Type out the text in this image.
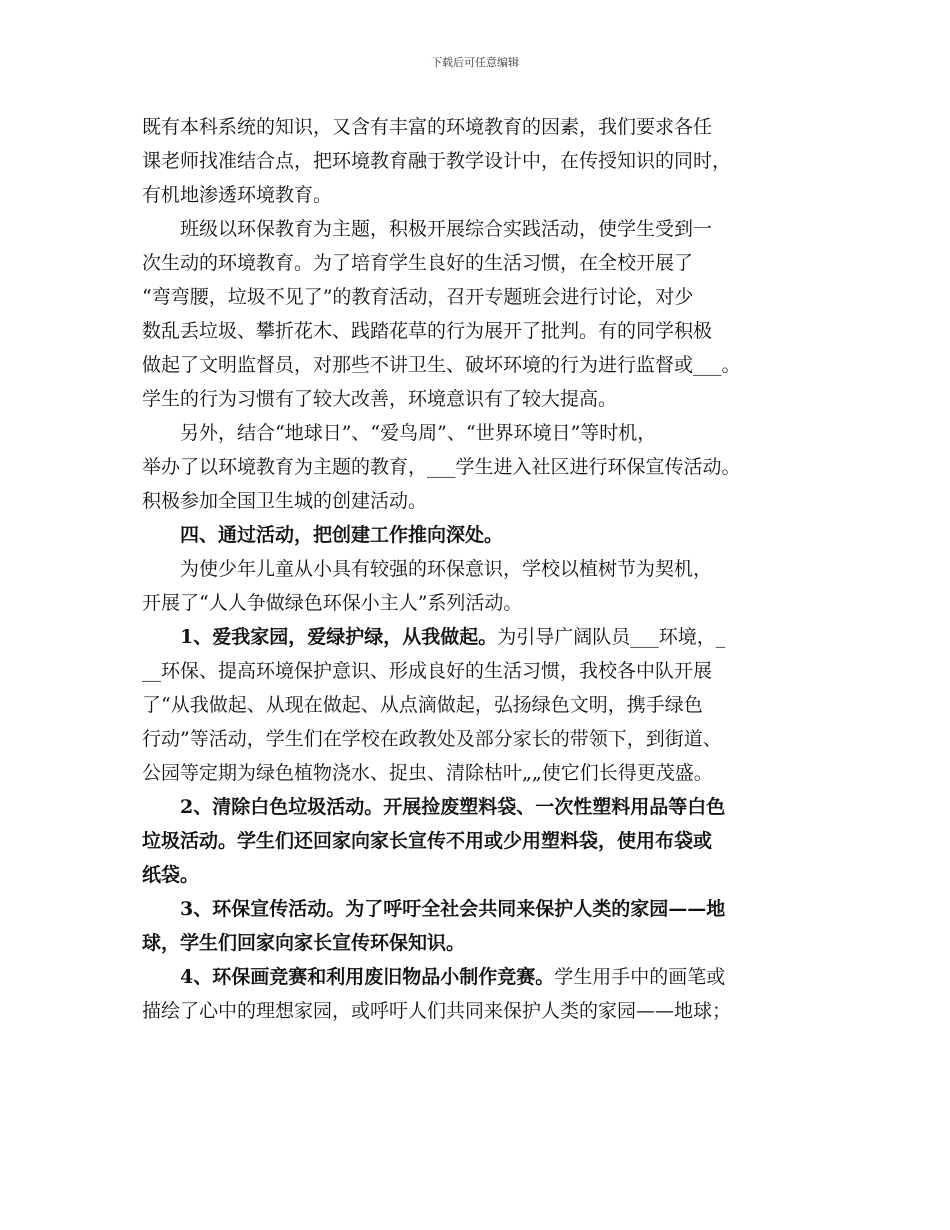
下载后可任意编辑
既有本科系统的知识，又含有丰富的环境教育的因素，我们要求各任
课老师找准结合点，把环境教育融于教学设计中，在传授知识的同时，
有机地渗透环境教育。
　　班级以环保教育为主题，积极开展综合实践活动，使学生受到一
次生动的环境教育。为了培育学生良好的生活习惯，在全校开展了
“弯弯腰，垃圾不见了”的教育活动，召开专题班会进行讨论，对少
数乱丢垃圾、攀折花木、践踏花草的行为展开了批判。有的同学积极
做起了文明监督员，对那些不讲卫生、破坏环境的行为进行监督或___。
学生的行为习惯有了较大改善，环境意识有了较大提高。
　　另外，结合“地球日”、“爱鸟周”、“世界环境日”等时机，
举办了以环境教育为主题的教育，___学生进入社区进行环保宣传活动。
积极参加全国卫生城的创建活动。
　　四、通过活动，把创建工作推向深处。
　　为使少年儿童从小具有较强的环保意识，学校以植树节为契机，
开展了“人人争做绿色环保小主人”系列活动。
　　1、爱我家园，爱绿护绿，从我做起。为引导广阔队员___环境，_
__环保、提高环境保护意识、形成良好的生活习惯，我校各中队开展
了“从我做起、从现在做起、从点滴做起，弘扬绿色文明，携手绿色
行动”等活动，学生们在学校在政教处及部分家长的带领下，到街道、
公园等定期为绿色植物浇水、捉虫、清除枯叶„„使它们长得更茂盛。
　　2、清除白色垃圾活动。开展捡废塑料袋、一次性塑料用品等白色
垃圾活动。学生们还回家向家长宣传不用或少用塑料袋，使用布袋或
纸袋。
　　3、环保宣传活动。为了呼吁全社会共同来保护人类的家园——地
球，学生们回家向家长宣传环保知识。
　　4、环保画竞赛和利用废旧物品小制作竞赛。学生用手中的画笔或
描绘了心中的理想家园，或呼吁人们共同来保护人类的家园——地球；
